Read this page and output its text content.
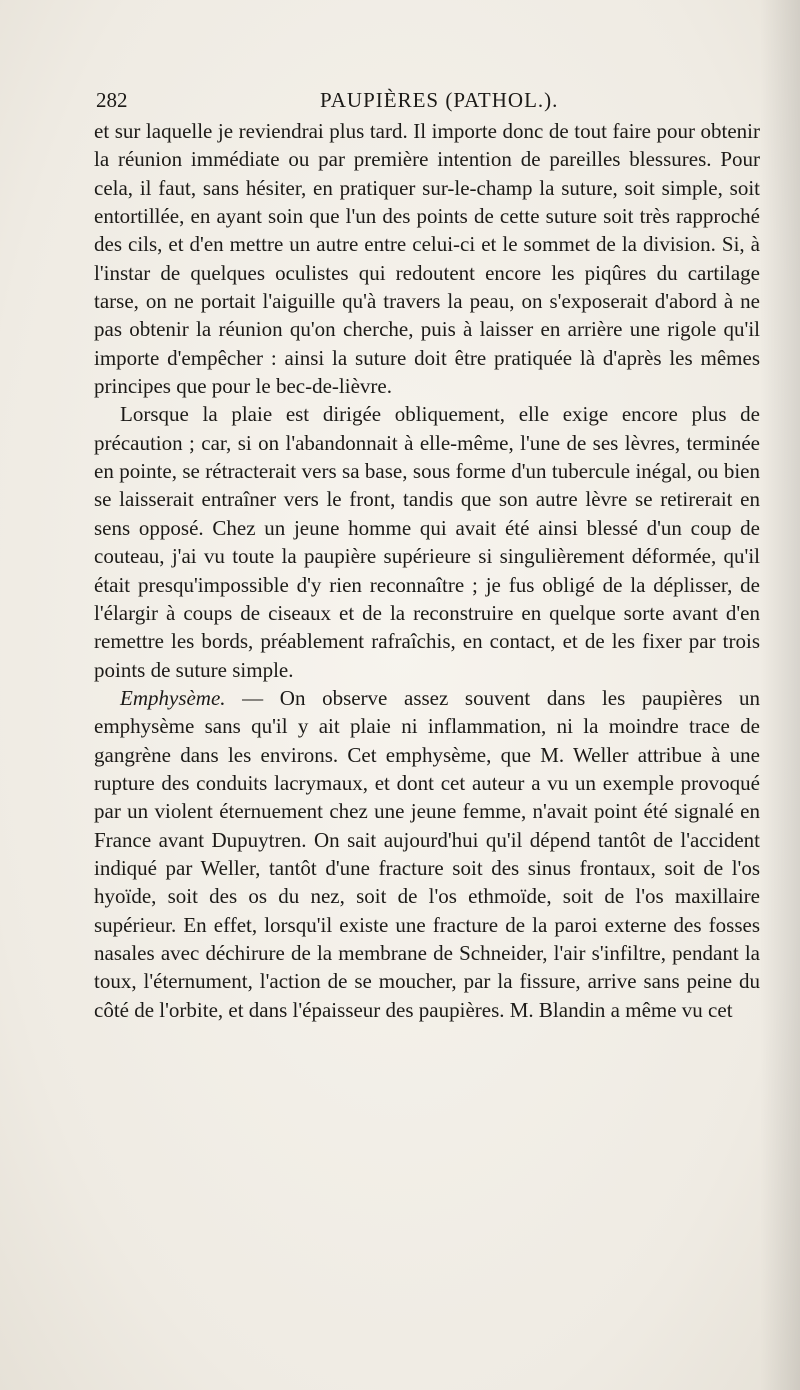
282	PAUPIÈRES (PATHOL.).

et sur laquelle je reviendrai plus tard. Il importe donc de tout faire pour obtenir la réunion immédiate ou par première intention de pareilles blessures. Pour cela, il faut, sans hésiter, en pratiquer sur-le-champ la suture, soit simple, soit entortillée, en ayant soin que l'un des points de cette suture soit très rapproché des cils, et d'en mettre un autre entre celui-ci et le sommet de la division. Si, à l'instar de quelques oculistes qui redoutent encore les piqûres du cartilage tarse, on ne portait l'aiguille qu'à travers la peau, on s'exposerait d'abord à ne pas obtenir la réunion qu'on cherche, puis à laisser en arrière une rigole qu'il importe d'empêcher : ainsi la suture doit être pratiquée là d'après les mêmes principes que pour le bec-de-lièvre.

Lorsque la plaie est dirigée obliquement, elle exige encore plus de précaution ; car, si on l'abandonnait à elle-même, l'une de ses lèvres, terminée en pointe, se rétracterait vers sa base, sous forme d'un tubercule inégal, ou bien se laisserait entraîner vers le front, tandis que son autre lèvre se retirerait en sens opposé. Chez un jeune homme qui avait été ainsi blessé d'un coup de couteau, j'ai vu toute la paupière supérieure si singulièrement déformée, qu'il était presqu'impossible d'y rien reconnaître ; je fus obligé de la déplisser, de l'élargir à coups de ciseaux et de la reconstruire en quelque sorte avant d'en remettre les bords, préablement rafraîchis, en contact, et de les fixer par trois points de suture simple.

Emphysème. — On observe assez souvent dans les paupières un emphysème sans qu'il y ait plaie ni inflammation, ni la moindre trace de gangrène dans les environs. Cet emphysème, que M. Weller attribue à une rupture des conduits lacrymaux, et dont cet auteur a vu un exemple provoqué par un violent éternuement chez une jeune femme, n'avait point été signalé en France avant Dupuytren. On sait aujourd'hui qu'il dépend tantôt de l'accident indiqué par Weller, tantôt d'une fracture soit des sinus frontaux, soit de l'os hyoïde, soit des os du nez, soit de l'os ethmoïde, soit de l'os maxillaire supérieur. En effet, lorsqu'il existe une fracture de la paroi externe des fosses nasales avec déchirure de la membrane de Schneider, l'air s'infiltre, pendant la toux, l'éternument, l'action de se moucher, par la fissure, arrive sans peine du côté de l'orbite, et dans l'épaisseur des paupières. M. Blandin a même vu cet
